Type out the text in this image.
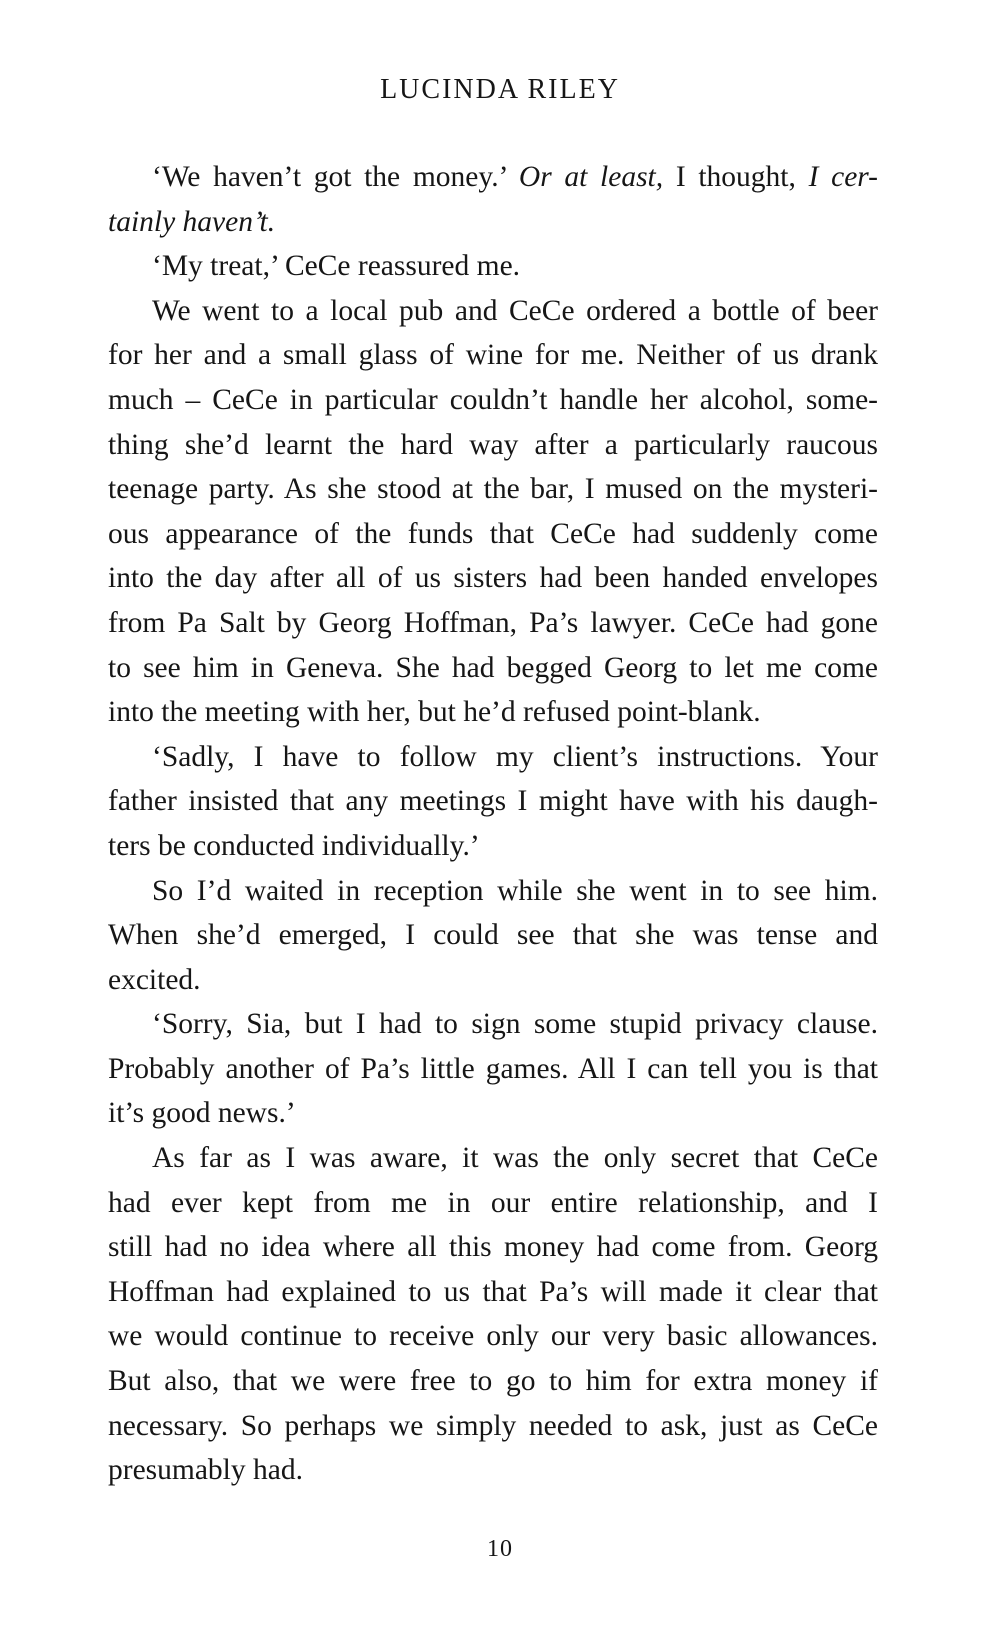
LUCINDA RILEY
‘We haven’t got the money.’ Or at least, I thought, I cer-
tainly haven’t.
‘My treat,’ CeCe reassured me.
We went to a local pub and CeCe ordered a bottle of beer
for her and a small glass of wine for me. Neither of us drank
much – CeCe in particular couldn’t handle her alcohol, some-
thing she’d learnt the hard way after a particularly raucous
teenage party. As she stood at the bar, I mused on the mysteri-
ous appearance of the funds that CeCe had suddenly come
into the day after all of us sisters had been handed envelopes
from Pa Salt by Georg Hoffman, Pa’s lawyer. CeCe had gone
to see him in Geneva. She had begged Georg to let me come
into the meeting with her, but he’d refused point-blank.
‘Sadly, I have to follow my client’s instructions. Your
father insisted that any meetings I might have with his daugh-
ters be conducted individually.’
So I’d waited in reception while she went in to see him.
When she’d emerged, I could see that she was tense and
excited.
‘Sorry, Sia, but I had to sign some stupid privacy clause.
Probably another of Pa’s little games. All I can tell you is that
it’s good news.’
As far as I was aware, it was the only secret that CeCe
had ever kept from me in our entire relationship, and I
still had no idea where all this money had come from. Georg
Hoffman had explained to us that Pa’s will made it clear that
we would continue to receive only our very basic allowances.
But also, that we were free to go to him for extra money if
necessary. So perhaps we simply needed to ask, just as CeCe
presumably had.
10
